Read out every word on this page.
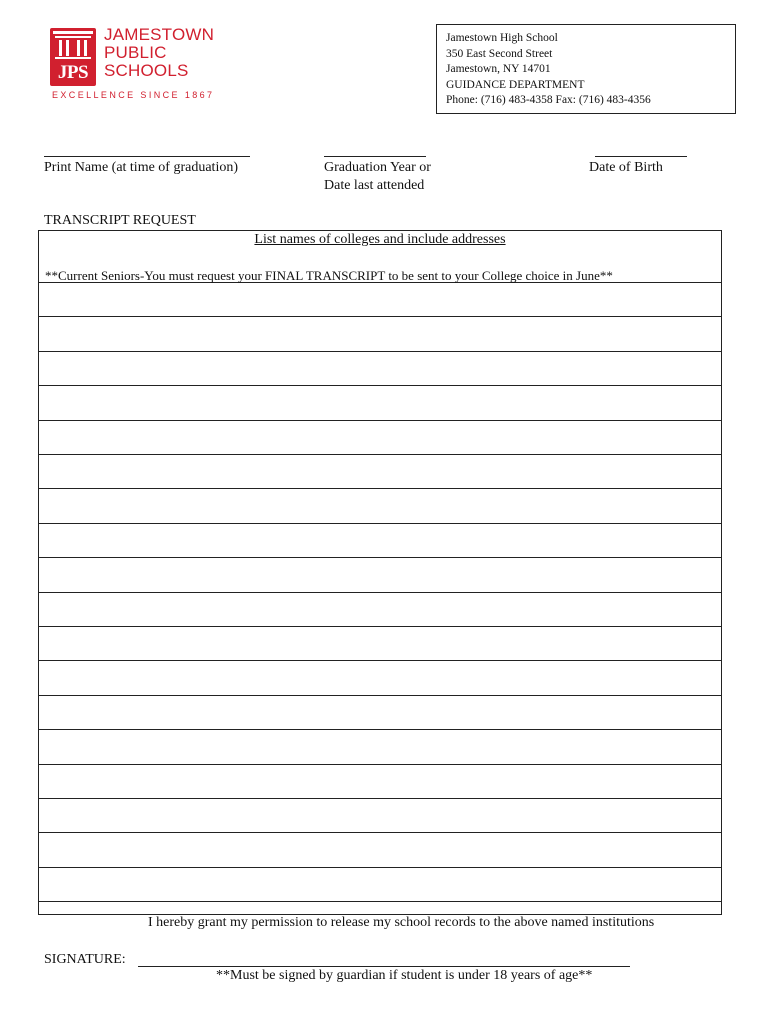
JPS
JAMESTOWN
PUBLIC
SCHOOLS
EXCELLENCE SINCE 1867
Jamestown High School
350 East Second Street
Jamestown, NY 14701
GUIDANCE DEPARTMENT
Phone: (716) 483-4358 Fax: (716) 483-4356
Print Name (at time of graduation)	Graduation Year or
Date last attended
Date of Birth
TRANSCRIPT REQUEST
List names of colleges and include addresses
**Current Seniors-You must request your FINAL TRANSCRIPT to be sent to your College choice in June**
I hereby grant my permission to release my school records to the above named institutions
SIGNATURE:
**Must be signed by guardian if student is under 18 years of age**
